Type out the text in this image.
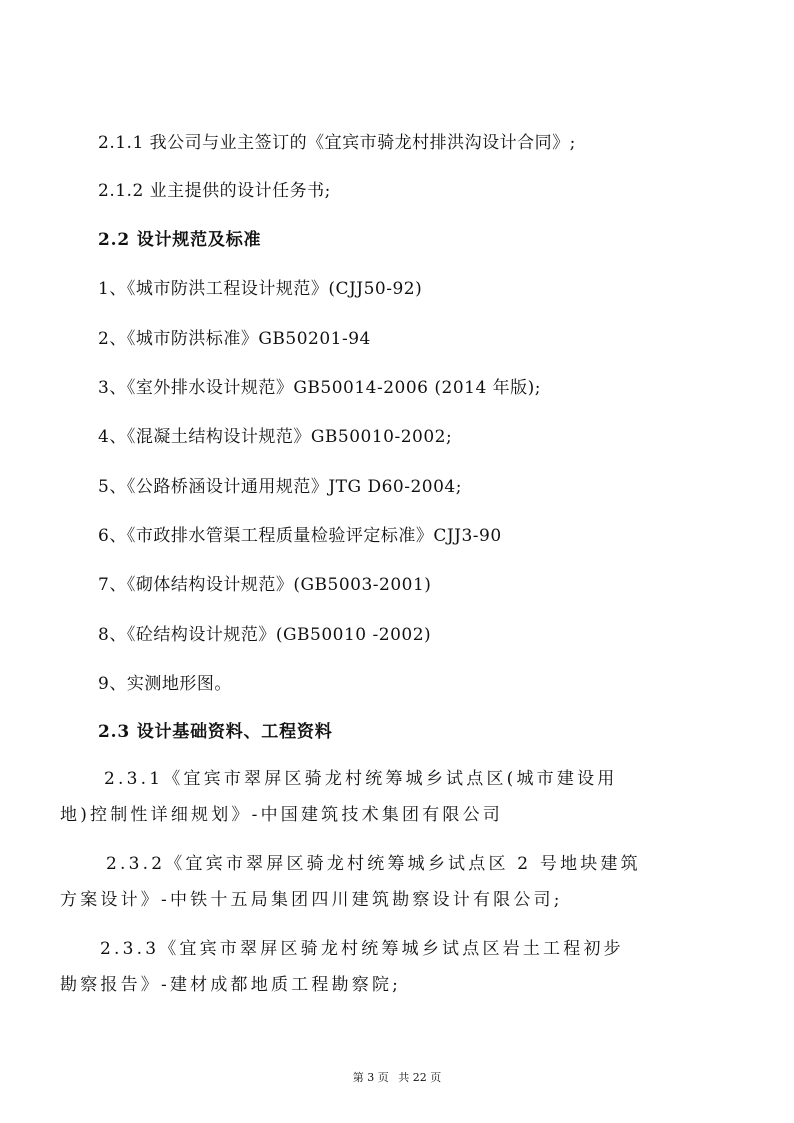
2.1.1 我公司与业主签订的《宜宾市骑龙村排洪沟设计合同》;
2.1.2 业主提供的设计任务书;
2.2 设计规范及标准
1、《城市防洪工程设计规范》(CJJ50-92)
2、《城市防洪标准》GB50201-94
3、《室外排水设计规范》GB50014-2006 (2014 年版);
4、《混凝土结构设计规范》GB50010-2002;
5、《公路桥涵设计通用规范》JTG D60-2004;
6、《市政排水管渠工程质量检验评定标准》CJJ3-90
7、《砌体结构设计规范》(GB5003-2001)
8、《砼结构设计规范》(GB50010 -2002)
9、实测地形图。
2.3 设计基础资料、工程资料
2.3.1《宜宾市翠屏区骑龙村统筹城乡试点区(城市建设用
地)控制性详细规划》-中国建筑技术集团有限公司
2.3.2《宜宾市翠屏区骑龙村统筹城乡试点区 2 号地块建筑
方案设计》-中铁十五局集团四川建筑勘察设计有限公司;
2.3.3《宜宾市翠屏区骑龙村统筹城乡试点区岩土工程初步
勘察报告》-建材成都地质工程勘察院;
第 3 页 共 22 页
